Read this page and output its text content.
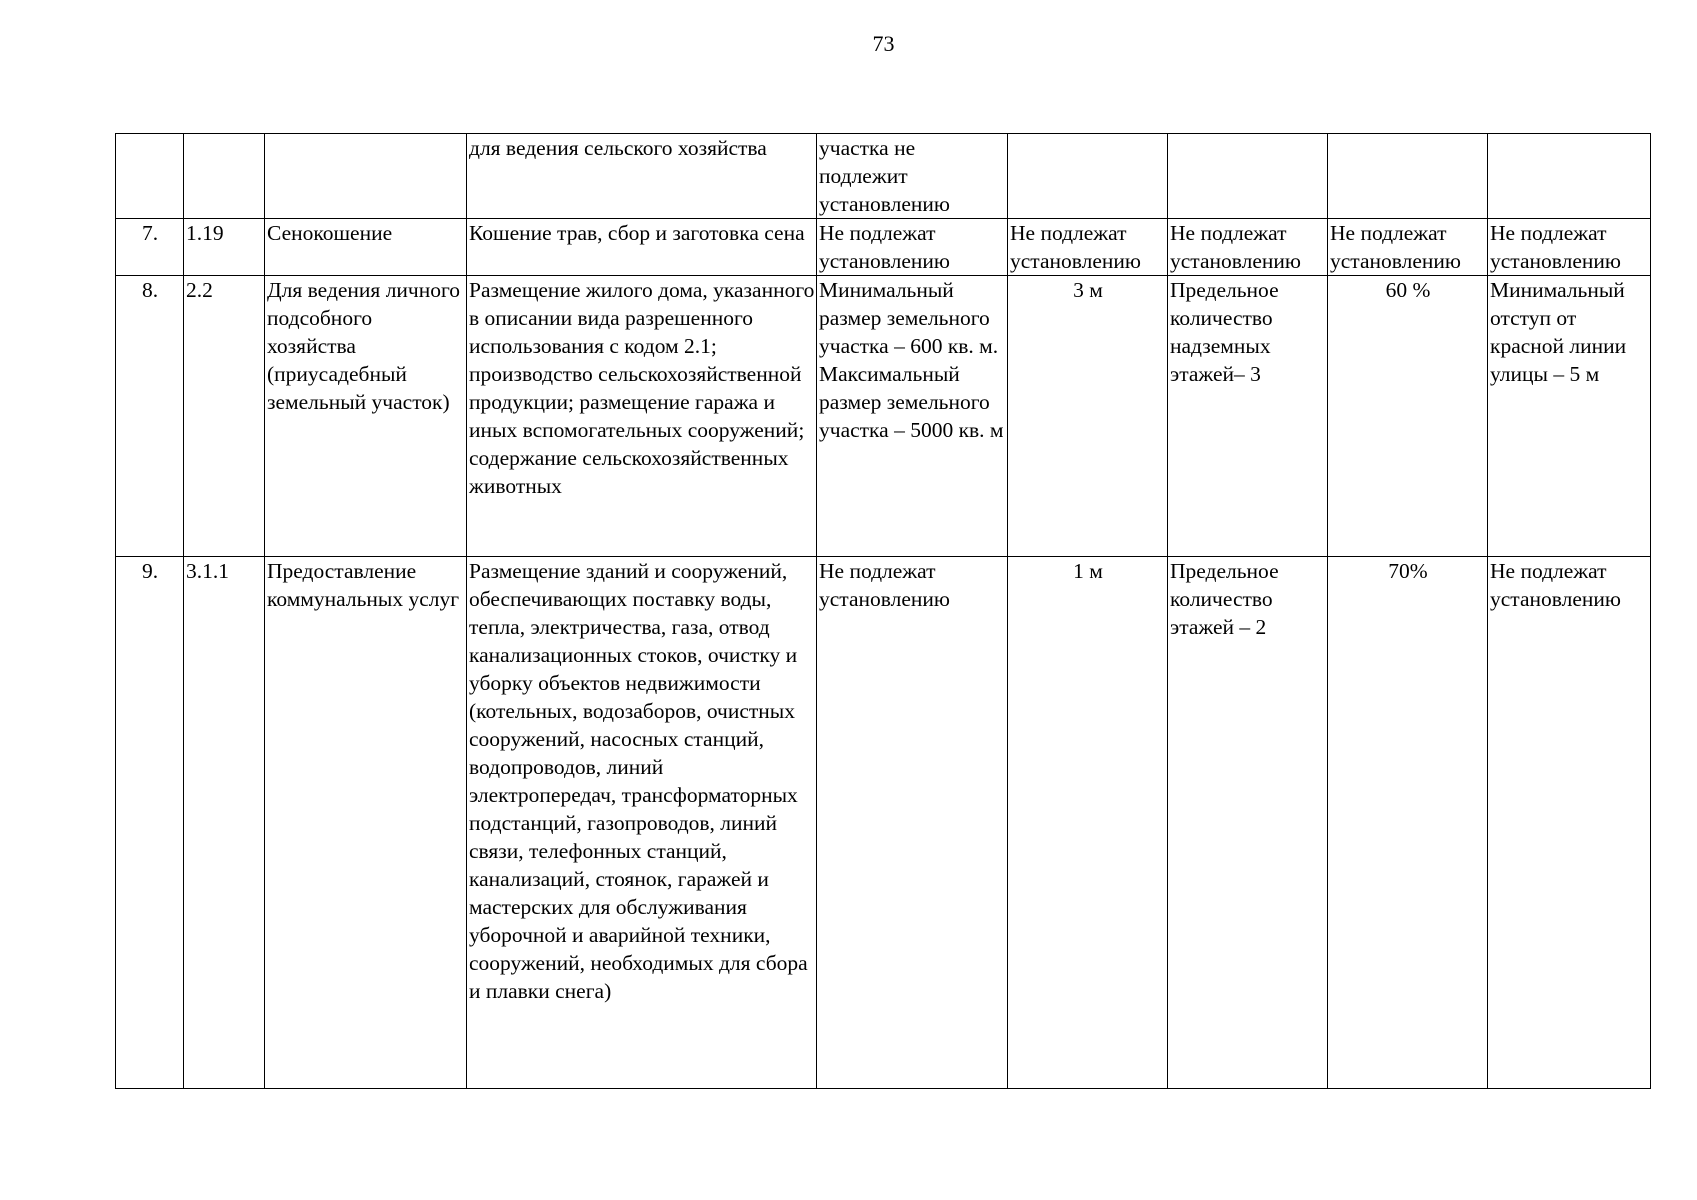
73
			для ведения сельского хозяйства	участка не подлежит установлению				
7.	1.19	Сенокошение	Кошение трав, сбор и заготовка сена	Не подлежат установлению	Не подлежат установлению	Не подлежат установлению	Не подлежат установлению	Не подлежат установлению
8.	2.2	Для ведения личного подсобного хозяйства (приусадебный земельный участок)	Размещение жилого дома, указанного в описании вида разрешенного использования с кодом 2.1; производство сельскохозяйственной продукции; размещение гаража и иных вспомогательных сооружений; содержание сельскохозяйственных животных	Минимальный размер земельного участка – 600 кв. м. Максимальный размер земельного участка – 5000 кв. м	3 м	Предельное количество надземных этажей– 3	60 %	Минимальный отступ от красной линии улицы – 5 м
9.	3.1.1	Предоставление коммунальных услуг	Размещение зданий и сооружений, обеспечивающих поставку воды, тепла, электричества, газа, отвод канализационных стоков, очистку и уборку объектов недвижимости (котельных, водозаборов, очистных сооружений, насосных станций, водопроводов, линий электропередач, трансформаторных подстанций, газопроводов, линий связи, телефонных станций, канализаций, стоянок, гаражей и мастерских для обслуживания уборочной и аварийной техники, сооружений, необходимых для сбора и плавки снега)	Не подлежат установлению	1 м	Предельное количество этажей – 2	70%	Не подлежат установлению
